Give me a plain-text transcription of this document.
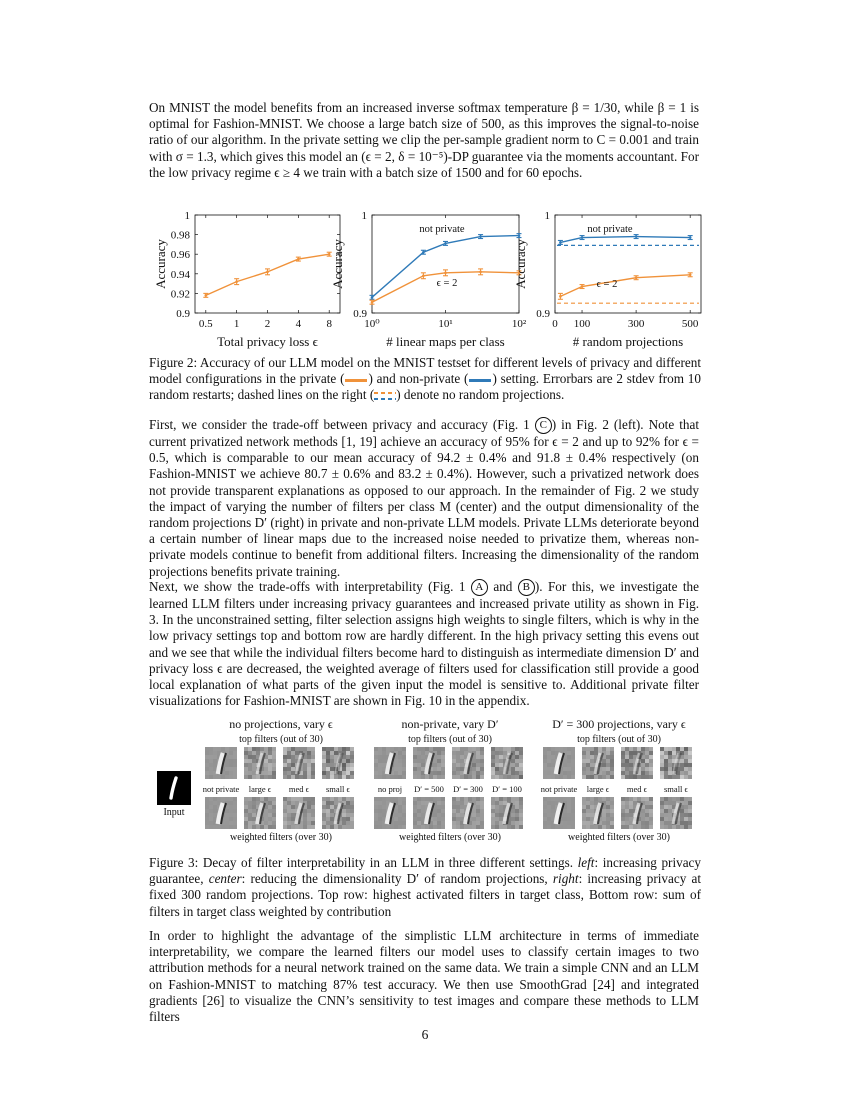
On MNIST the model benefits from an increased inverse softmax temperature β = 1/30, while β = 1 is optimal for Fashion-MNIST. We choose a large batch size of 500, as this improves the signal-to-noise ratio of our algorithm. In the private setting we clip the per-sample gradient norm to C = 0.001 and train with σ = 1.3, which gives this model an (ϵ = 2, δ = 10⁻⁵)-DP guarantee via the moments accountant. For the low privacy regime ϵ ≥ 4 we train with a batch size of 1500 and for 60 epochs.

0.9
0.92
0.94
0.96
0.98
1
0.5 1 2 4 8
Total privacy loss ϵ
Accuracy
0.9
1
10⁰	10¹	10²
# linear maps per class
Accuracy
not private
ϵ = 2
0.9
1
0 100	300	500
# random projections
Accuracy
not private
ϵ = 2

Figure 2: Accuracy of our LLM model on the MNIST testset for different levels of privacy and different model configurations in the private ( ) and non-private ( ) setting. Errorbars are 2 stdev from 10 random restarts; dashed lines on the right ( ) denote no random projections.

First, we consider the trade-off between privacy and accuracy (Fig. 1 C ) in Fig. 2 (left). Note that current privatized network methods [1, 19] achieve an accuracy of 95% for ϵ = 2 and up to 92% for ϵ = 0.5, which is comparable to our mean accuracy of 94.2 ± 0.4% and 91.8 ± 0.4% respectively (on Fashion-MNIST we achieve 80.7 ± 0.6% and 83.2 ± 0.4%). However, such a privatized network does not provide transparent explanations as opposed to our approach. In the remainder of Fig. 2 we study the impact of varying the number of filters per class M (center) and the output dimensionality of the random projections D′ (right) in private and non-private LLM models. Private LLMs deteriorate beyond a certain number of linear maps due to the increased noise needed to privatize them, whereas non-private models continue to benefit from additional filters. Increasing the dimensionality of the random projections benefits private training.

Next, we show the trade-offs with interpretability (Fig. 1 A and B ). For this, we investigate the learned LLM filters under increasing privacy guarantees and increased private utility as shown in Fig. 3. In the unconstrained setting, filter selection assigns high weights to single filters, which is why in the low privacy settings top and bottom row are hardly different. In the high privacy setting this evens out and we see that while the individual filters become hard to distinguish as intermediate dimension D′ and privacy loss ϵ are decreased, the weighted average of filters used for classification still provide a good local explanation of what parts of the given input the model is sensitive to. Additional private filter visualizations for Fashion-MNIST are shown in Fig. 10 in the appendix.

Input
no projections, vary ϵ
top filters (out of 30)
weighted filters (over 30)
not private	large ϵ	med ϵ	small ϵ
non-private, vary D′
top filters (out of 30)
weighted filters (over 30)
no proj	D′ = 500	D′ = 300	D′ = 100
D′ = 300 projections, vary ϵ
top filters (out of 30)
weighted filters (over 30)
not private	large ϵ	med ϵ	small ϵ

Figure 3: Decay of filter interpretability in an LLM in three different settings. left: increasing privacy guarantee, center: reducing the dimensionality D′ of random projections, right: increasing privacy at fixed 300 random projections. Top row: highest activated filters in target class, Bottom row: sum of filters in target class weighted by contribution

In order to highlight the advantage of the simplistic LLM architecture in terms of immediate interpretability, we compare the learned filters our model uses to classify certain images to two attribution methods for a neural network trained on the same data. We train a simple CNN and an LLM on Fashion-MNIST to matching 87% test accuracy. We then use SmoothGrad [24] and integrated gradients [26] to visualize the CNN’s sensitivity to test images and compare these methods to LLM filters

6
